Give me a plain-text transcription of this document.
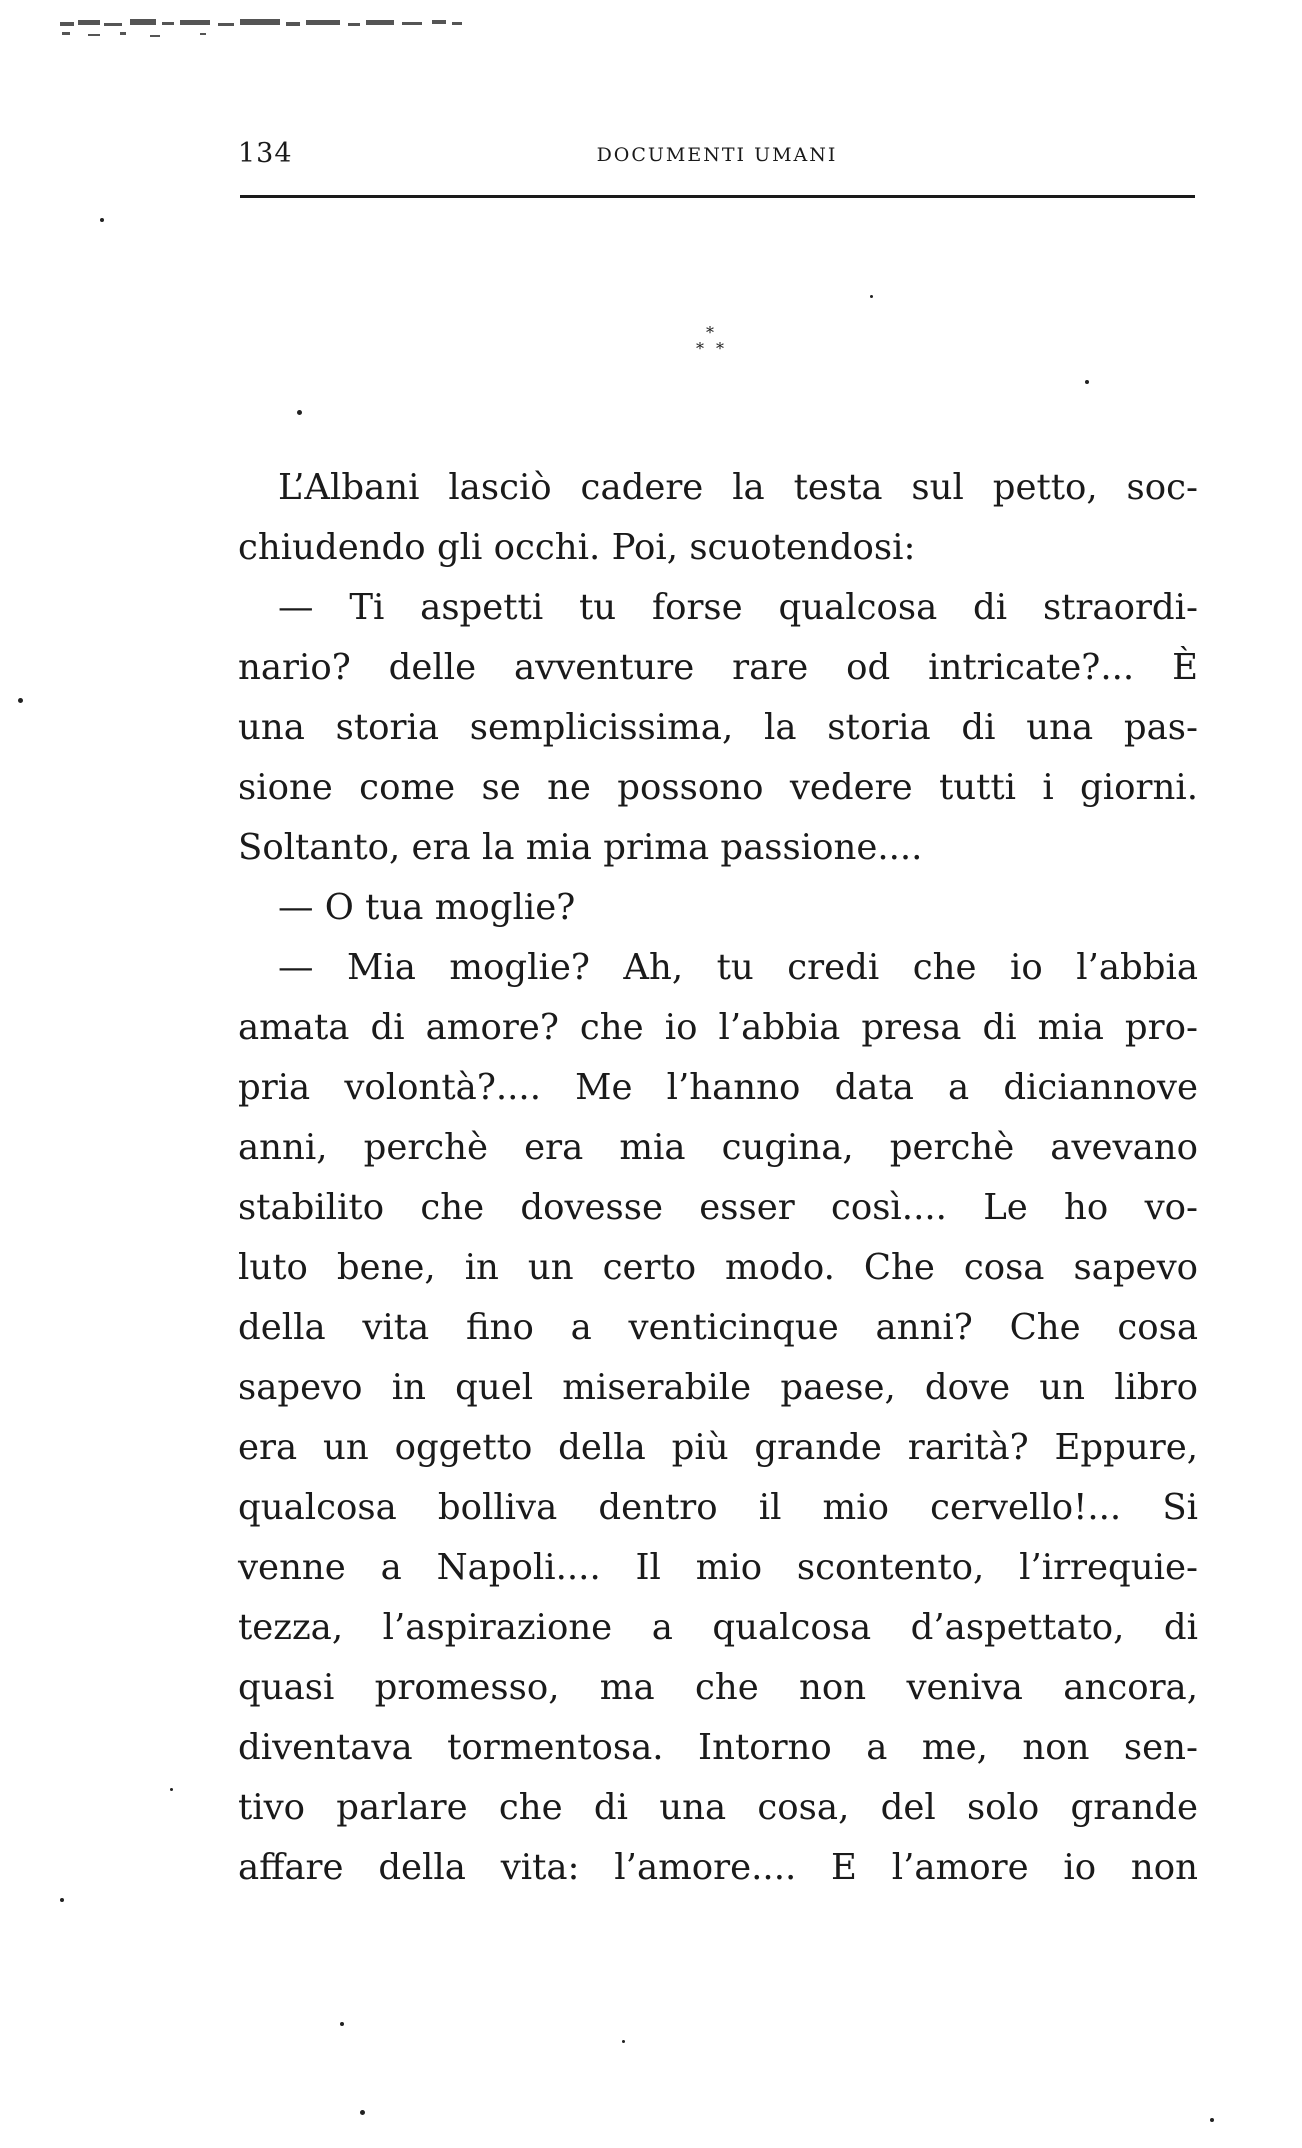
134	DOCUMENTI UMANI
*
* *
L’Albani lasciò cadere la testa sul petto, soc-
chiudendo gli occhi. Poi, scuotendosi:
— Ti aspetti tu forse qualcosa di straordi-
nario? delle avventure rare od intricate?... È
una storia semplicissima, la storia di una pas-
sione come se ne possono vedere tutti i giorni.
Soltanto, era la mia prima passione....
— O tua moglie?
— Mia moglie? Ah, tu credi che io l’abbia
amata di amore? che io l’abbia presa di mia pro-
pria volontà?.... Me l’hanno data a diciannove
anni, perchè era mia cugina, perchè avevano
stabilito che dovesse esser così.... Le ho vo-
luto bene, in un certo modo. Che cosa sapevo
della vita fino a venticinque anni? Che cosa
sapevo in quel miserabile paese, dove un libro
era un oggetto della più grande rarità? Eppure,
qualcosa bolliva dentro il mio cervello!... Si
venne a Napoli.... Il mio scontento, l’irrequie-
tezza, l’aspirazione a qualcosa d’aspettato, di
quasi promesso, ma che non veniva ancora,
diventava tormentosa. Intorno a me, non sen-
tivo parlare che di una cosa, del solo grande
affare della vita: l’amore.... E l’amore io non
